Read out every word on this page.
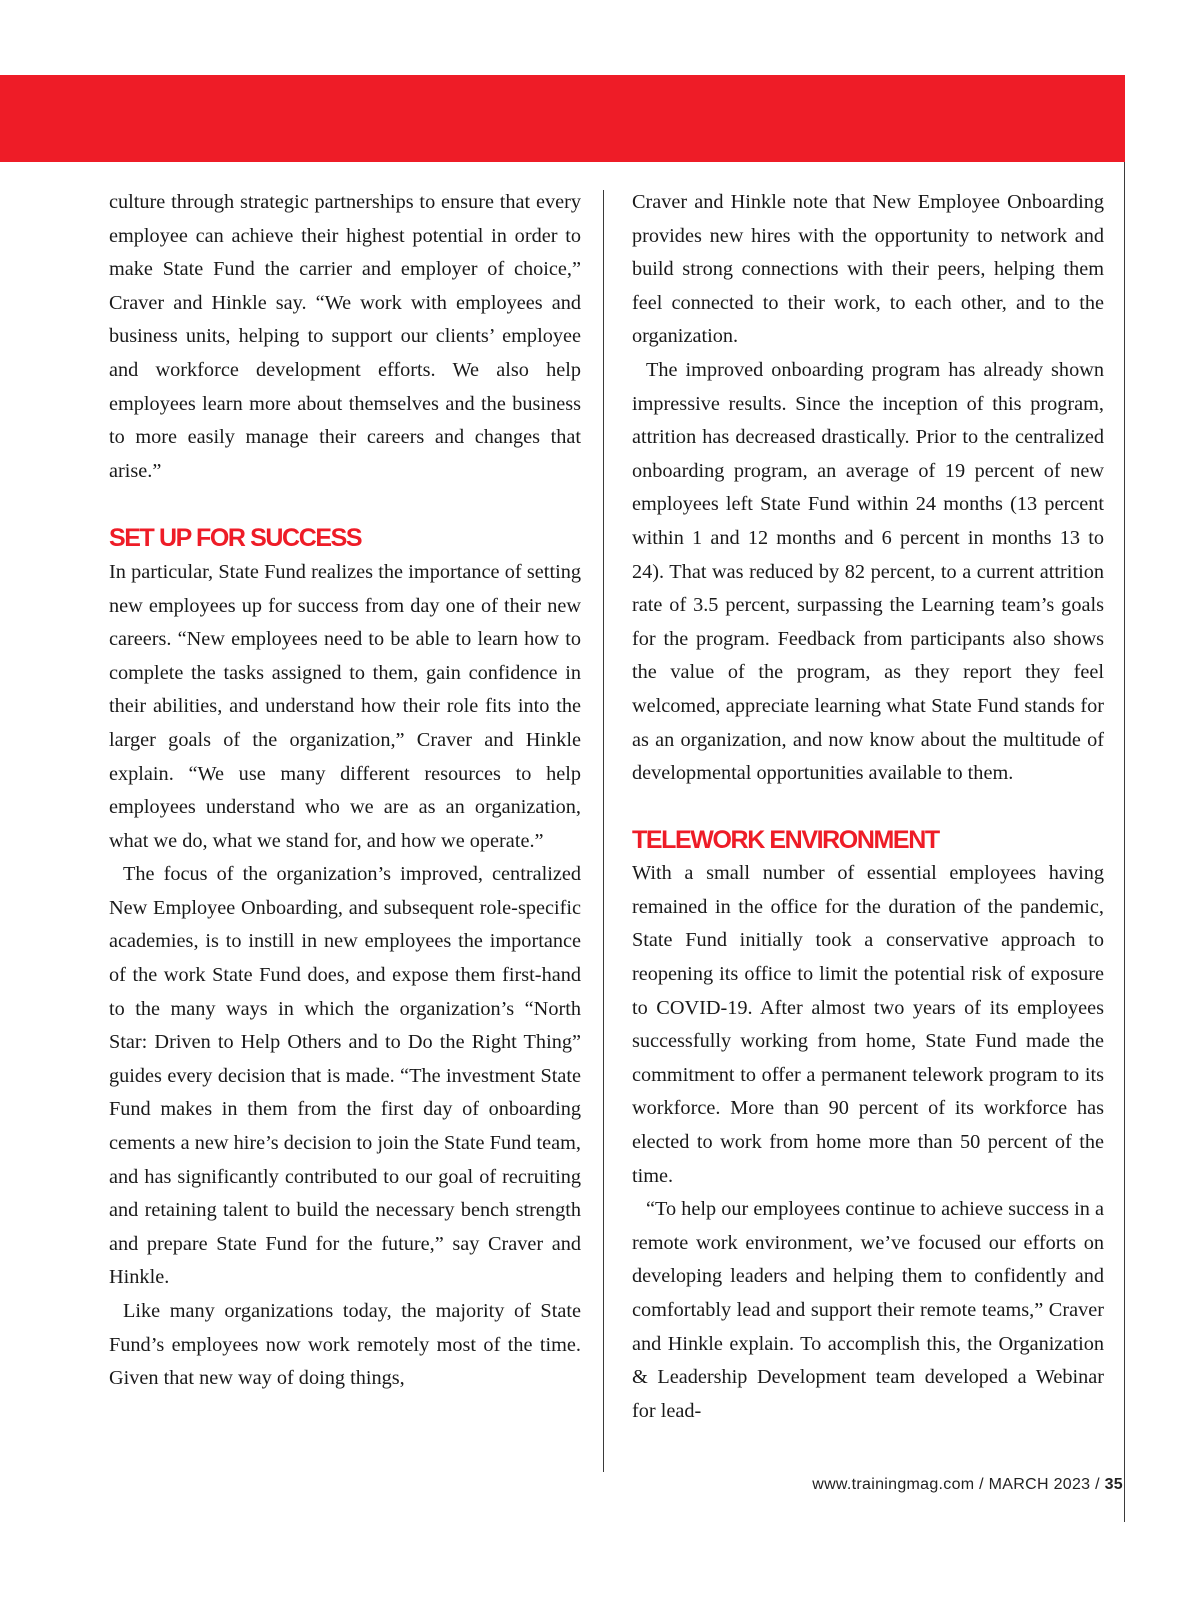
culture through strategic partnerships to ensure that every employee can achieve their highest potential in order to make State Fund the carrier and employer of choice,” Craver and Hinkle say. “We work with employees and business units, helping to support our clients’ employee and workforce development efforts. We also help employees learn more about themselves and the business to more easily manage their careers and changes that arise.”

SET UP FOR SUCCESS

In particular, State Fund realizes the importance of setting new employees up for success from day one of their new careers. “New employees need to be able to learn how to complete the tasks assigned to them, gain confidence in their abilities, and understand how their role fits into the larger goals of the organization,” Craver and Hinkle explain. “We use many different resources to help employees understand who we are as an organization, what we do, what we stand for, and how we operate.”

The focus of the organization’s improved, centralized New Employee Onboarding, and subsequent role-specific academies, is to instill in new employees the importance of the work State Fund does, and expose them first-hand to the many ways in which the organization’s “North Star: Driven to Help Others and to Do the Right Thing” guides every decision that is made. “The investment State Fund makes in them from the first day of onboarding cements a new hire’s decision to join the State Fund team, and has significantly contributed to our goal of recruiting and retaining talent to build the necessary bench strength and prepare State Fund for the future,” say Craver and Hinkle.

Like many organizations today, the majority of State Fund’s employees now work remotely most of the time. Given that new way of doing things,

Craver and Hinkle note that New Employee Onboarding provides new hires with the opportunity to network and build strong connections with their peers, helping them feel connected to their work, to each other, and to the organization.

The improved onboarding program has already shown impressive results. Since the inception of this program, attrition has decreased drastically. Prior to the centralized onboarding program, an average of 19 percent of new employees left State Fund within 24 months (13 percent within 1 and 12 months and 6 percent in months 13 to 24). That was reduced by 82 percent, to a current attrition rate of 3.5 percent, surpassing the Learning team’s goals for the program. Feedback from participants also shows the value of the program, as they report they feel welcomed, appreciate learning what State Fund stands for as an organization, and now know about the multitude of developmental opportunities available to them.

TELEWORK ENVIRONMENT

With a small number of essential employees having remained in the office for the duration of the pandemic, State Fund initially took a conservative approach to reopening its office to limit the potential risk of exposure to COVID-19. After almost two years of its employees successfully working from home, State Fund made the commitment to offer a permanent telework program to its workforce. More than 90 percent of its workforce has elected to work from home more than 50 percent of the time.

“To help our employees continue to achieve success in a remote work environment, we’ve focused our efforts on developing leaders and helping them to confidently and comfortably lead and support their remote teams,” Craver and Hinkle explain. To accomplish this, the Organization & Leadership Development team developed a Webinar for lead-

www.trainingmag.com / MARCH 2023 / 35
